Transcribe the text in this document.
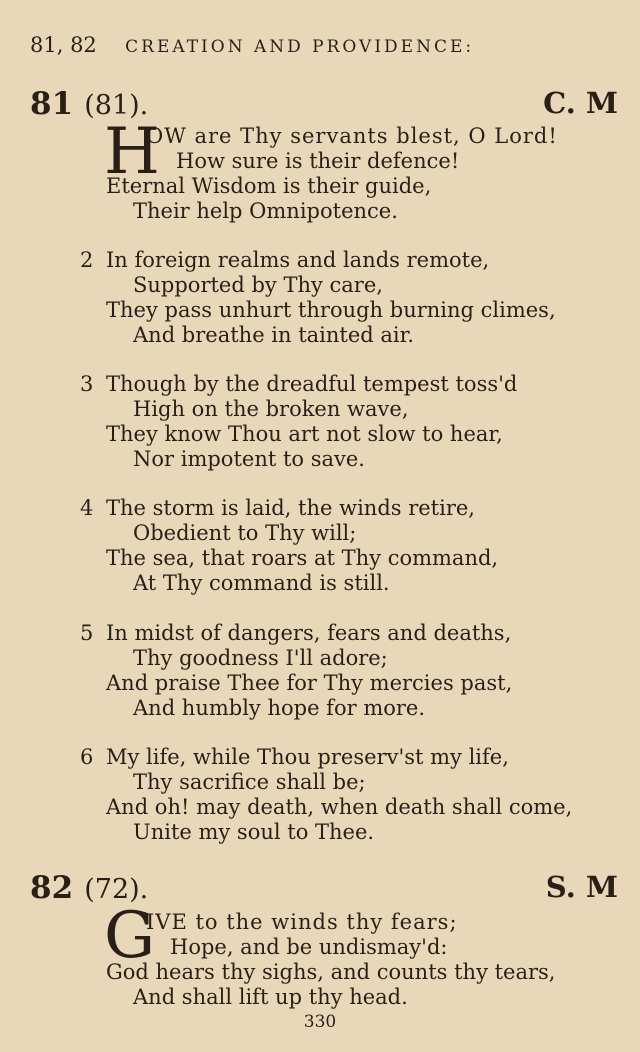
81, 82 CREATION AND PROVIDENCE:
81 (81).	C. M
H
OW are Thy servants blest, O Lord!
How sure is their defence!
Eternal Wisdom is their guide,
Their help Omnipotence.
2 In foreign realms and lands remote,
Supported by Thy care,
They pass unhurt through burning climes,
And breathe in tainted air.
3 Though by the dreadful tempest toss'd
High on the broken wave,
They know Thou art not slow to hear,
Nor impotent to save.
4 The storm is laid, the winds retire,
Obedient to Thy will;
The sea, that roars at Thy command,
At Thy command is still.
5 In midst of dangers, fears and deaths,
Thy goodness I'll adore;
And praise Thee for Thy mercies past,
And humbly hope for more.
6 My life, while Thou preserv'st my life,
Thy sacrifice shall be;
And oh! may death, when death shall come,
Unite my soul to Thee.
82 (72).	S. M
G
IVE to the winds thy fears;
Hope, and be undismay'd:
God hears thy sighs, and counts thy tears,
And shall lift up thy head.
330
